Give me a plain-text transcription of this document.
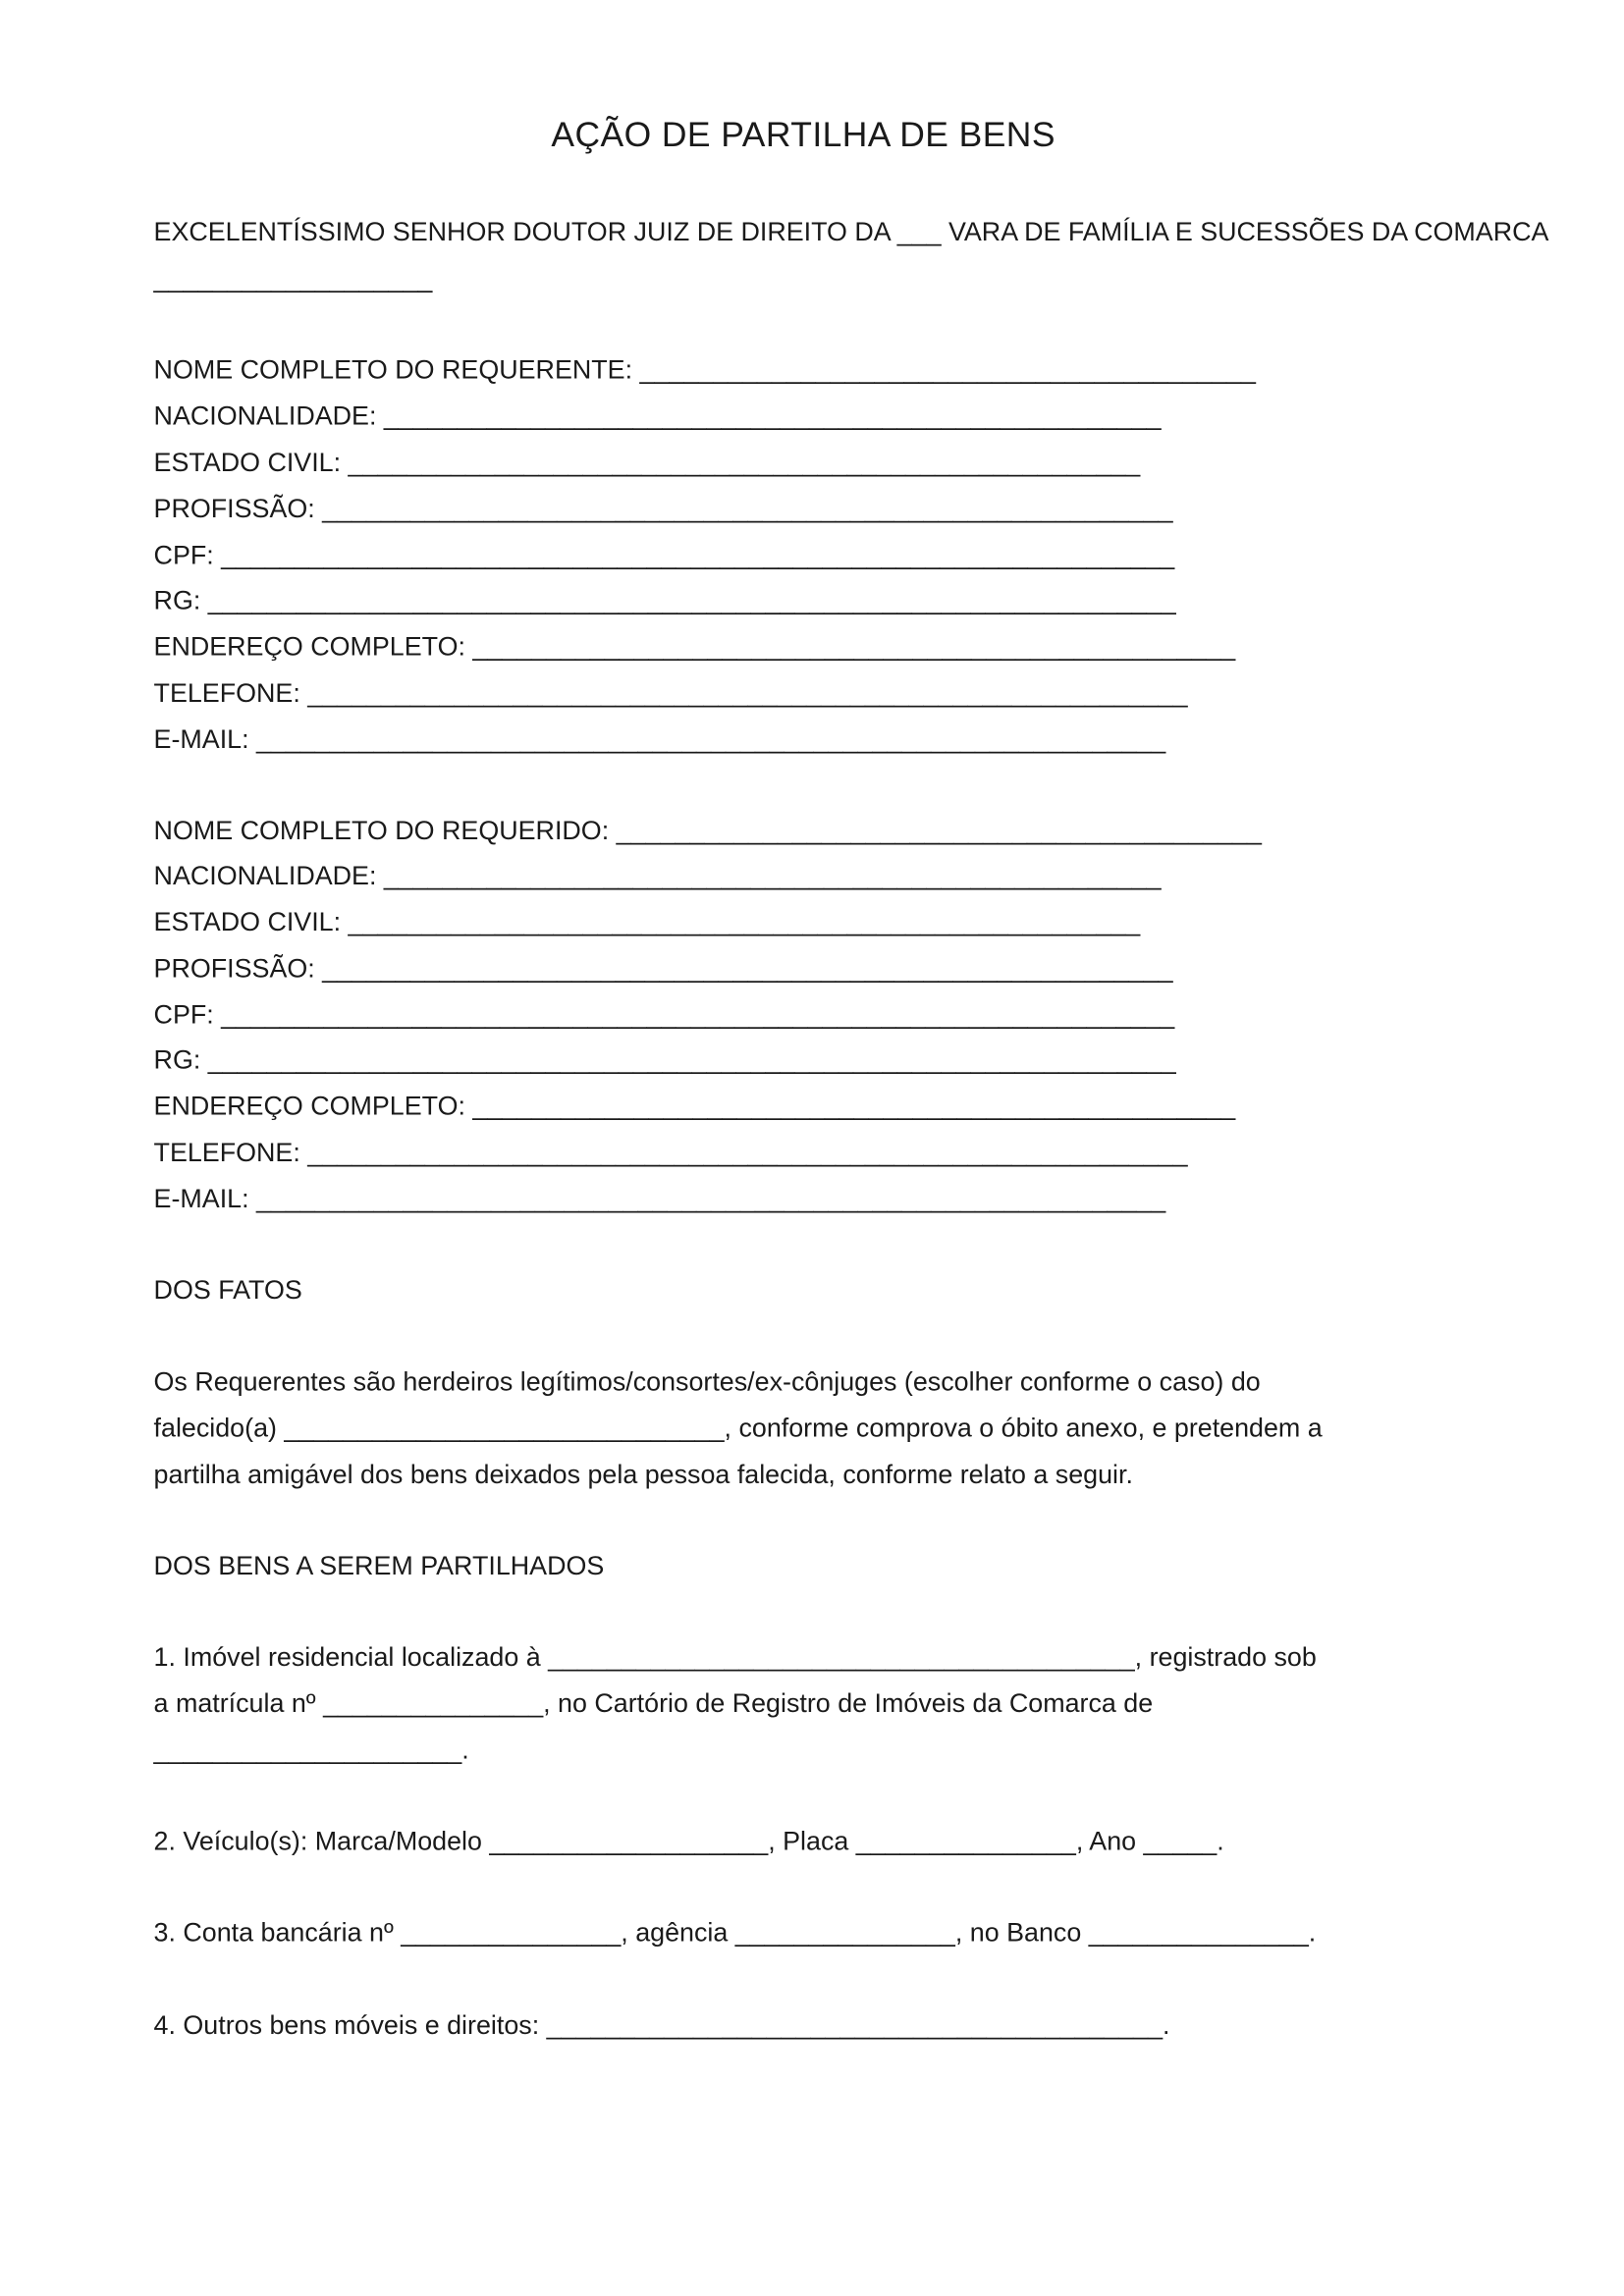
AÇÃO DE PARTILHA DE BENS
EXCELENTÍSSIMO SENHOR DOUTOR JUIZ DE DIREITO DA ___ VARA DE FAMÍLIA E SUCESSÕES DA COMARCA
___________________
NOME COMPLETO DO REQUERENTE: __________________________________________
NACIONALIDADE: _____________________________________________________
ESTADO CIVIL: ______________________________________________________
PROFISSÃO: __________________________________________________________
CPF: _________________________________________________________________
RG: __________________________________________________________________
ENDEREÇO COMPLETO: ____________________________________________________
TELEFONE: ____________________________________________________________
E-MAIL: ______________________________________________________________
NOME COMPLETO DO REQUERIDO: ____________________________________________
NACIONALIDADE: _____________________________________________________
ESTADO CIVIL: ______________________________________________________
PROFISSÃO: __________________________________________________________
CPF: _________________________________________________________________
RG: __________________________________________________________________
ENDEREÇO COMPLETO: ____________________________________________________
TELEFONE: ____________________________________________________________
E-MAIL: ______________________________________________________________
DOS FATOS
Os Requerentes são herdeiros legítimos/consortes/ex-cônjuges (escolher conforme o caso) do
falecido(a) ______________________________, conforme comprova o óbito anexo, e pretendem a
partilha amigável dos bens deixados pela pessoa falecida, conforme relato a seguir.
DOS BENS A SEREM PARTILHADOS
1. Imóvel residencial localizado à ________________________________________, registrado sob
a matrícula nº _______________, no Cartório de Registro de Imóveis da Comarca de
_____________________.
2. Veículo(s): Marca/Modelo ___________________, Placa _______________, Ano _____.
3. Conta bancária nº _______________, agência _______________, no Banco _______________.
4. Outros bens móveis e direitos: __________________________________________.
